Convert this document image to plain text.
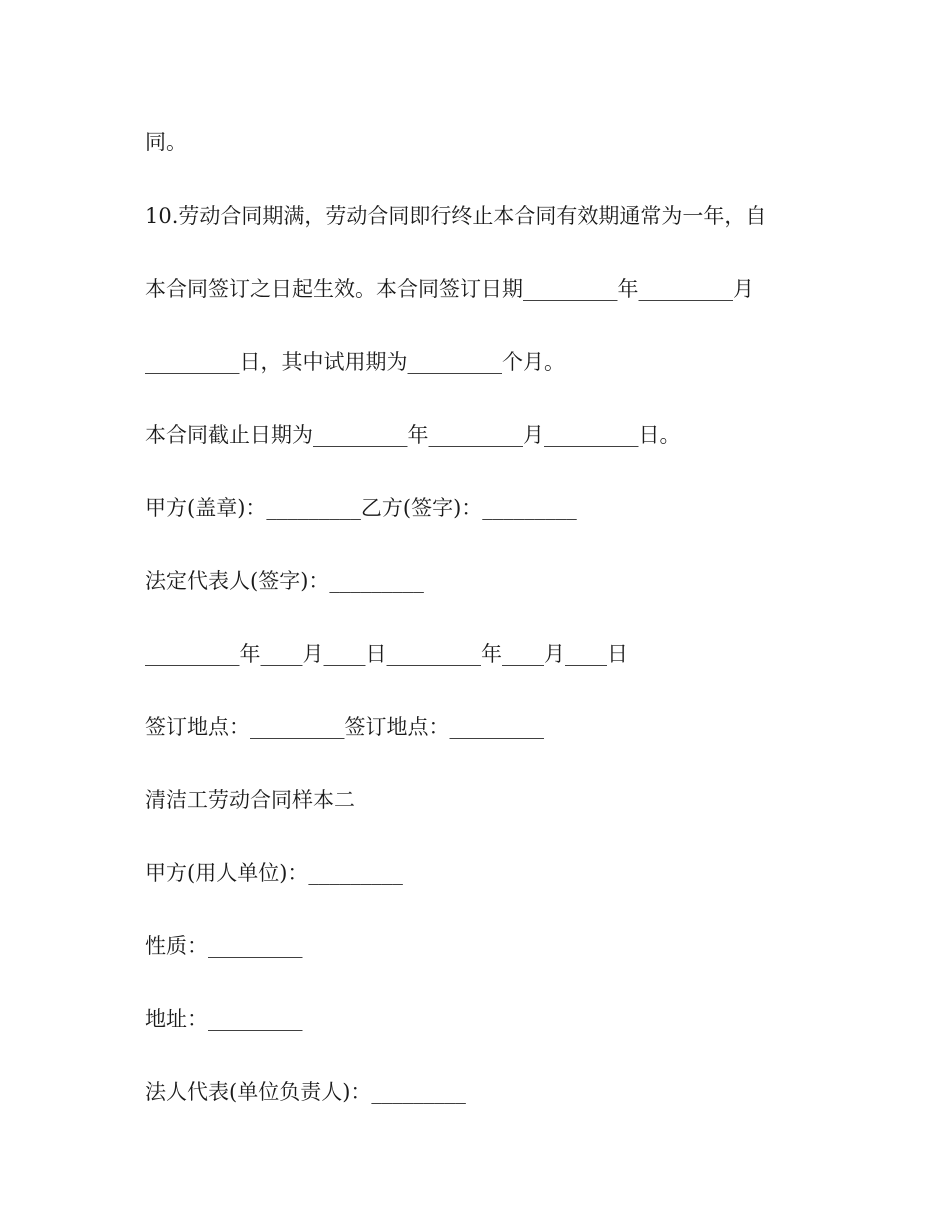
同。

10.劳动合同期满，劳动合同即行终止本合同有效期通常为一年，自

本合同签订之日起生效。本合同签订日期_________年_________月

_________日，其中试用期为_________个月。

本合同截止日期为_________年_________月_________日。

甲方(盖章)：_________乙方(签字)：_________

法定代表人(签字)：_________

_________年____月____日_________年____月____日

签订地点：_________签订地点：_________

清洁工劳动合同样本二

甲方(用人单位)：_________

性质：_________

地址：_________

法人代表(单位负责人)：_________
